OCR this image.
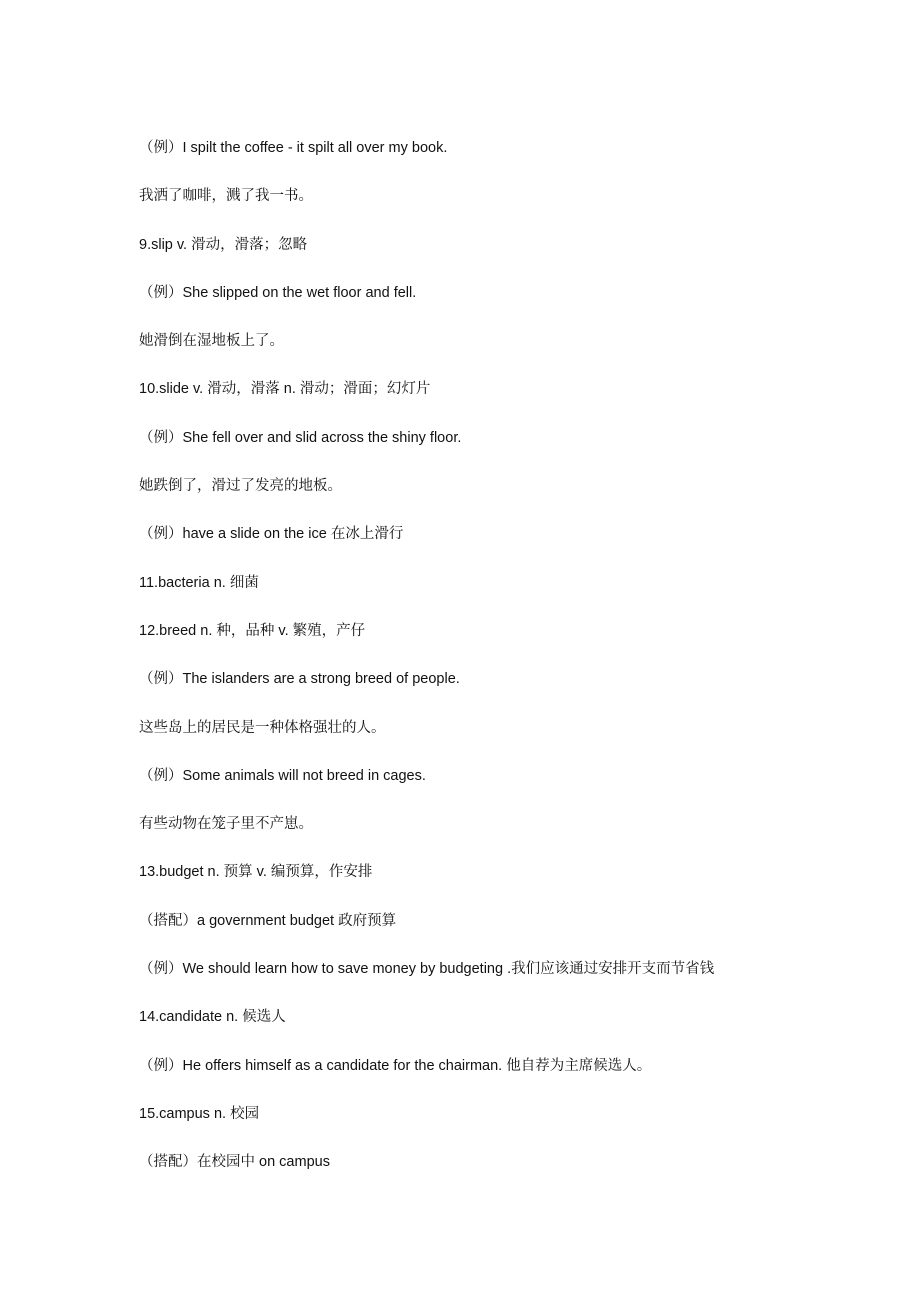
（例）I spilt the coffee - it spilt all over my book.
我洒了咖啡，溅了我一书。
9.slip v. 滑动，滑落；忽略
（例）She slipped on the wet floor and fell.
她滑倒在湿地板上了。
10.slide v. 滑动，滑落 n. 滑动；滑面；幻灯片
（例）She fell over and slid across the shiny floor.
她跌倒了，滑过了发亮的地板。
（例）have a slide on the ice 在冰上滑行
11.bacteria n. 细菌
12.breed n. 种，品种 v. 繁殖，产仔
（例）The islanders are a strong breed of people.
这些岛上的居民是一种体格强壮的人。
（例）Some animals will not breed in cages.
有些动物在笼子里不产崽。
13.budget n. 预算 v. 编预算，作安排
（搭配）a government budget 政府预算
（例）We should learn how to save money by budgeting .我们应该通过安排开支而节省钱
14.candidate n. 候选人
（例）He offers himself as a candidate for the chairman. 他自荐为主席候选人。
15.campus n. 校园
（搭配）在校园中 on campus
